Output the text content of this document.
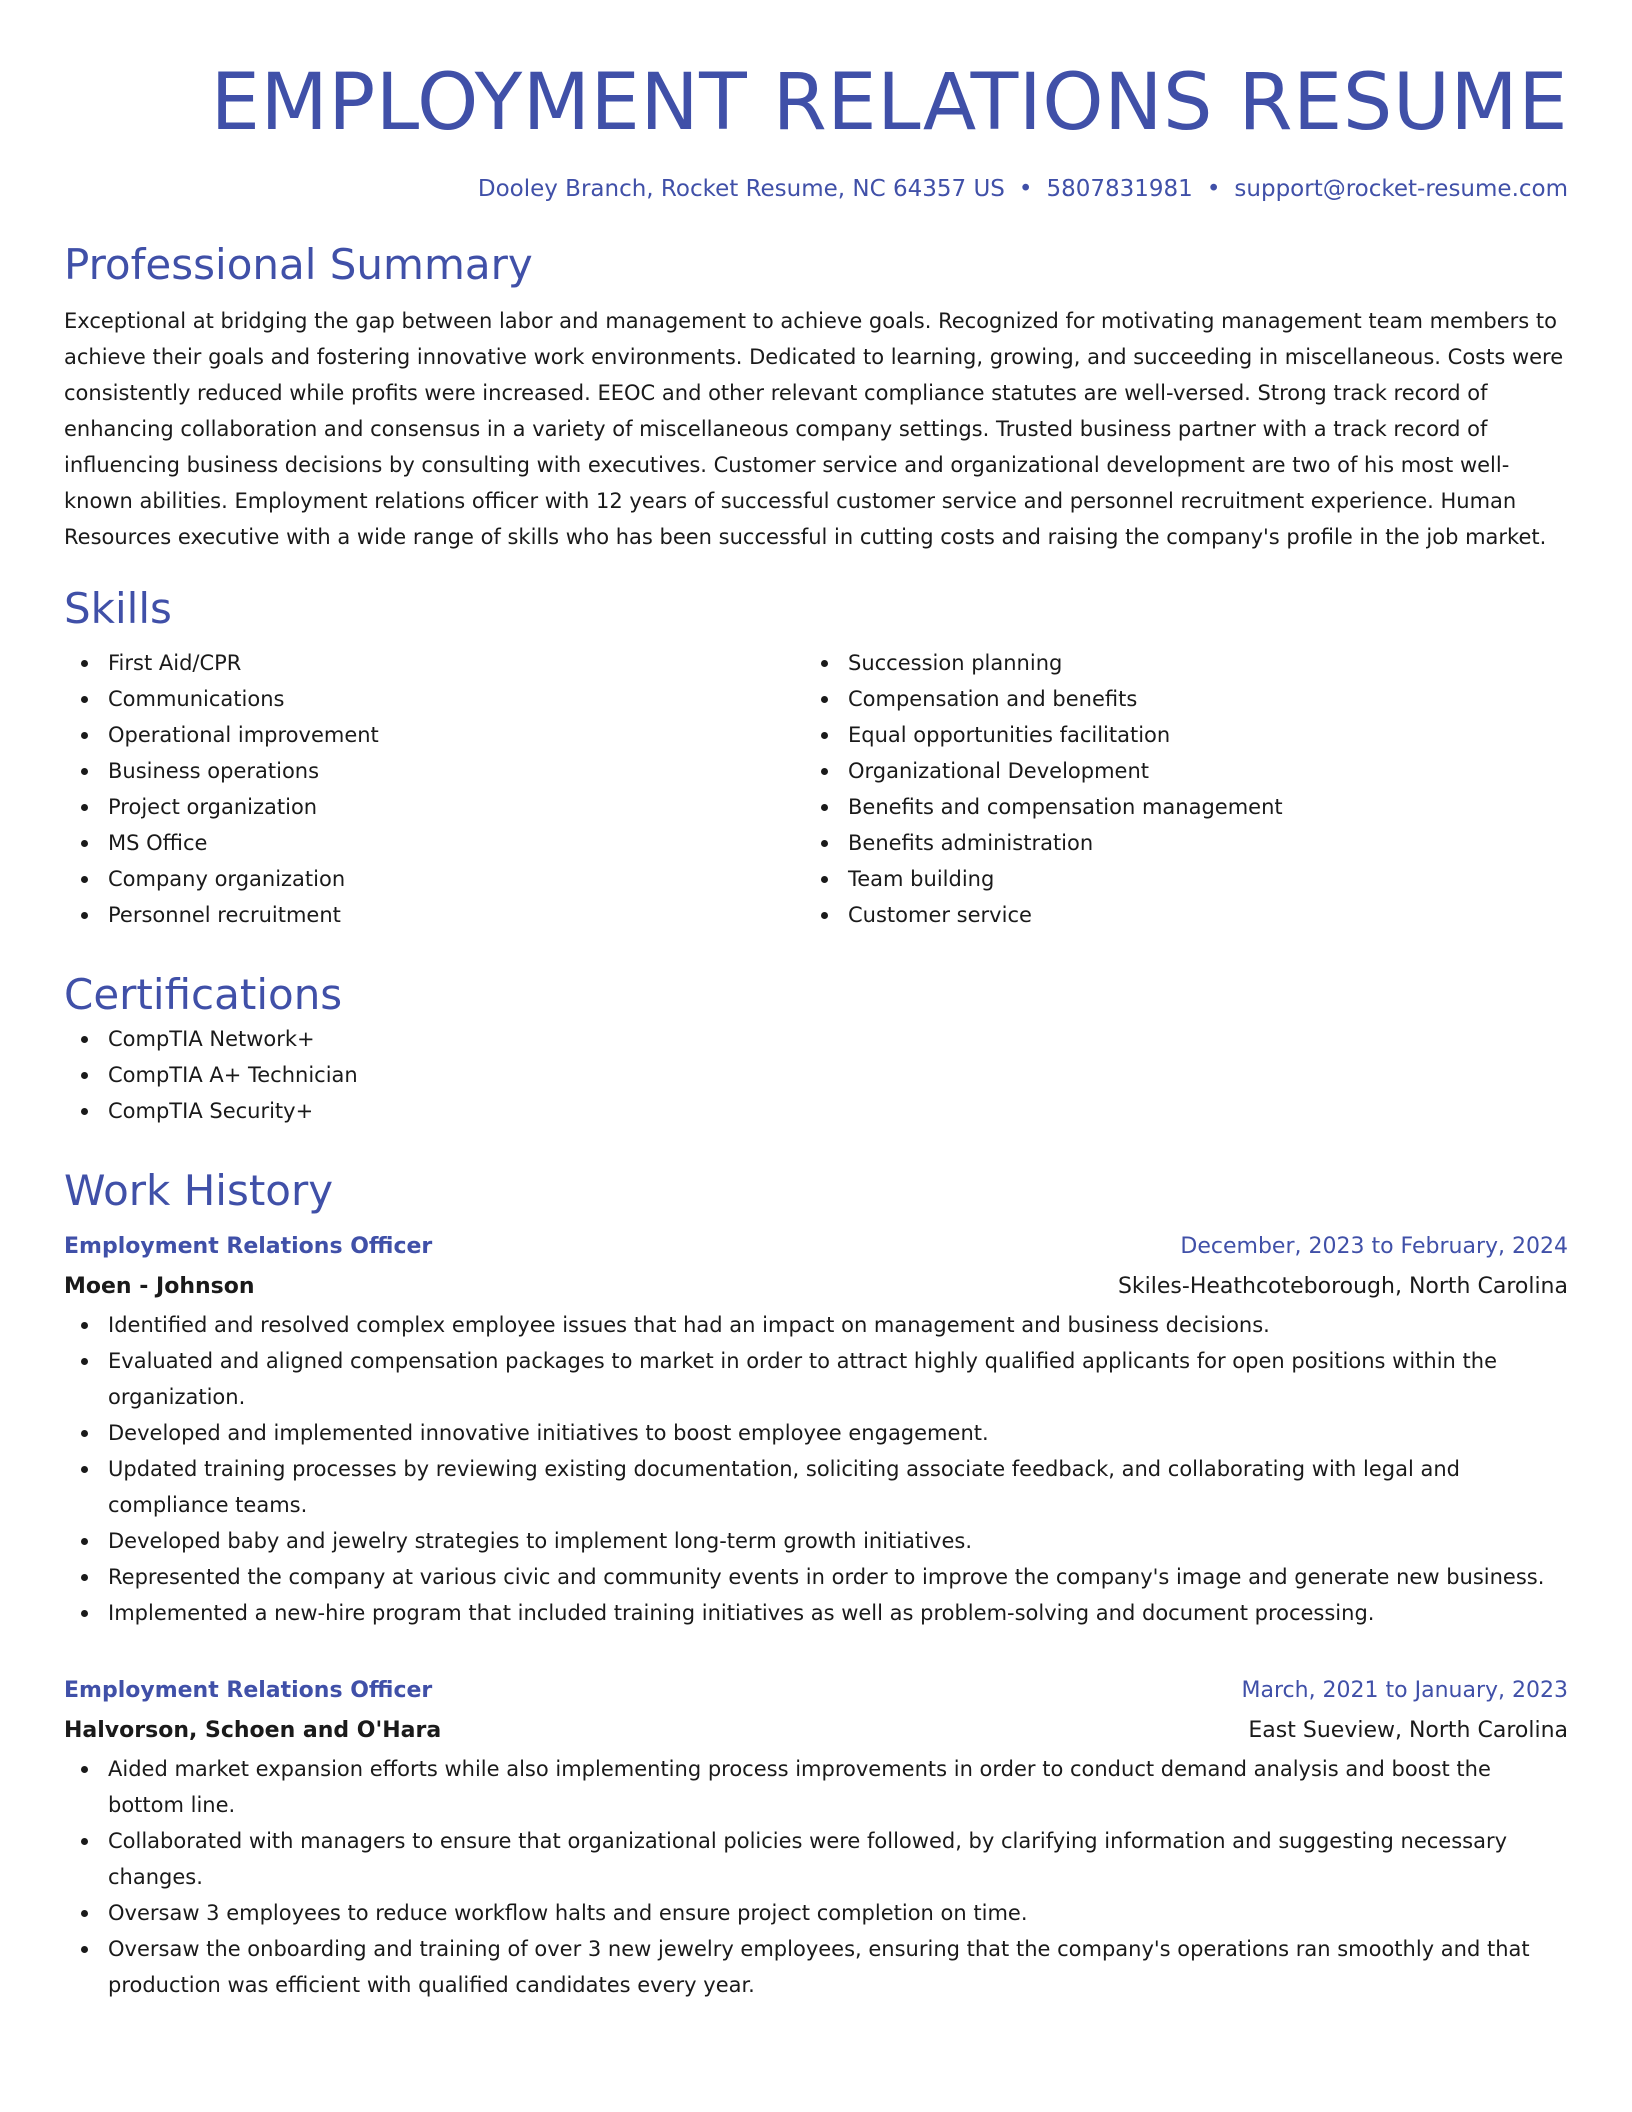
EMPLOYMENT RELATIONS RESUME
Dooley Branch, Rocket Resume, NC 64357 US • 5807831981 • support@rocket-resume.com
Professional Summary
Exceptional at bridging the gap between labor and management to achieve goals. Recognized for motivating management team members to achieve their goals and fostering innovative work environments. Dedicated to learning, growing, and succeeding in miscellaneous. Costs were consistently reduced while profits were increased. EEOC and other relevant compliance statutes are well-versed. Strong track record of enhancing collaboration and consensus in a variety of miscellaneous company settings. Trusted business partner with a track record of influencing business decisions by consulting with executives. Customer service and organizational development are two of his most well-known abilities. Employment relations officer with 12 years of successful customer service and personnel recruitment experience. Human Resources executive with a wide range of skills who has been successful in cutting costs and raising the company's profile in the job market.
Skills
First Aid/CPR
Communications
Operational improvement
Business operations
Project organization
MS Office
Company organization
Personnel recruitment
Succession planning
Compensation and benefits
Equal opportunities facilitation
Organizational Development
Benefits and compensation management
Benefits administration
Team building
Customer service
Certifications
CompTIA Network+
CompTIA A+ Technician
CompTIA Security+
Work History
Employment Relations Officer	December, 2023 to February, 2024
Moen - Johnson	Skiles-Heathcoteborough, North Carolina
Identified and resolved complex employee issues that had an impact on management and business decisions.
Evaluated and aligned compensation packages to market in order to attract highly qualified applicants for open positions within the organization.
Developed and implemented innovative initiatives to boost employee engagement.
Updated training processes by reviewing existing documentation, soliciting associate feedback, and collaborating with legal and compliance teams.
Developed baby and jewelry strategies to implement long-term growth initiatives.
Represented the company at various civic and community events in order to improve the company's image and generate new business.
Implemented a new-hire program that included training initiatives as well as problem-solving and document processing.
Employment Relations Officer	March, 2021 to January, 2023
Halvorson, Schoen and O'Hara	East Sueview, North Carolina
Aided market expansion efforts while also implementing process improvements in order to conduct demand analysis and boost the bottom line.
Collaborated with managers to ensure that organizational policies were followed, by clarifying information and suggesting necessary changes.
Oversaw 3 employees to reduce workflow halts and ensure project completion on time.
Oversaw the onboarding and training of over 3 new jewelry employees, ensuring that the company's operations ran smoothly and that production was efficient with qualified candidates every year.
